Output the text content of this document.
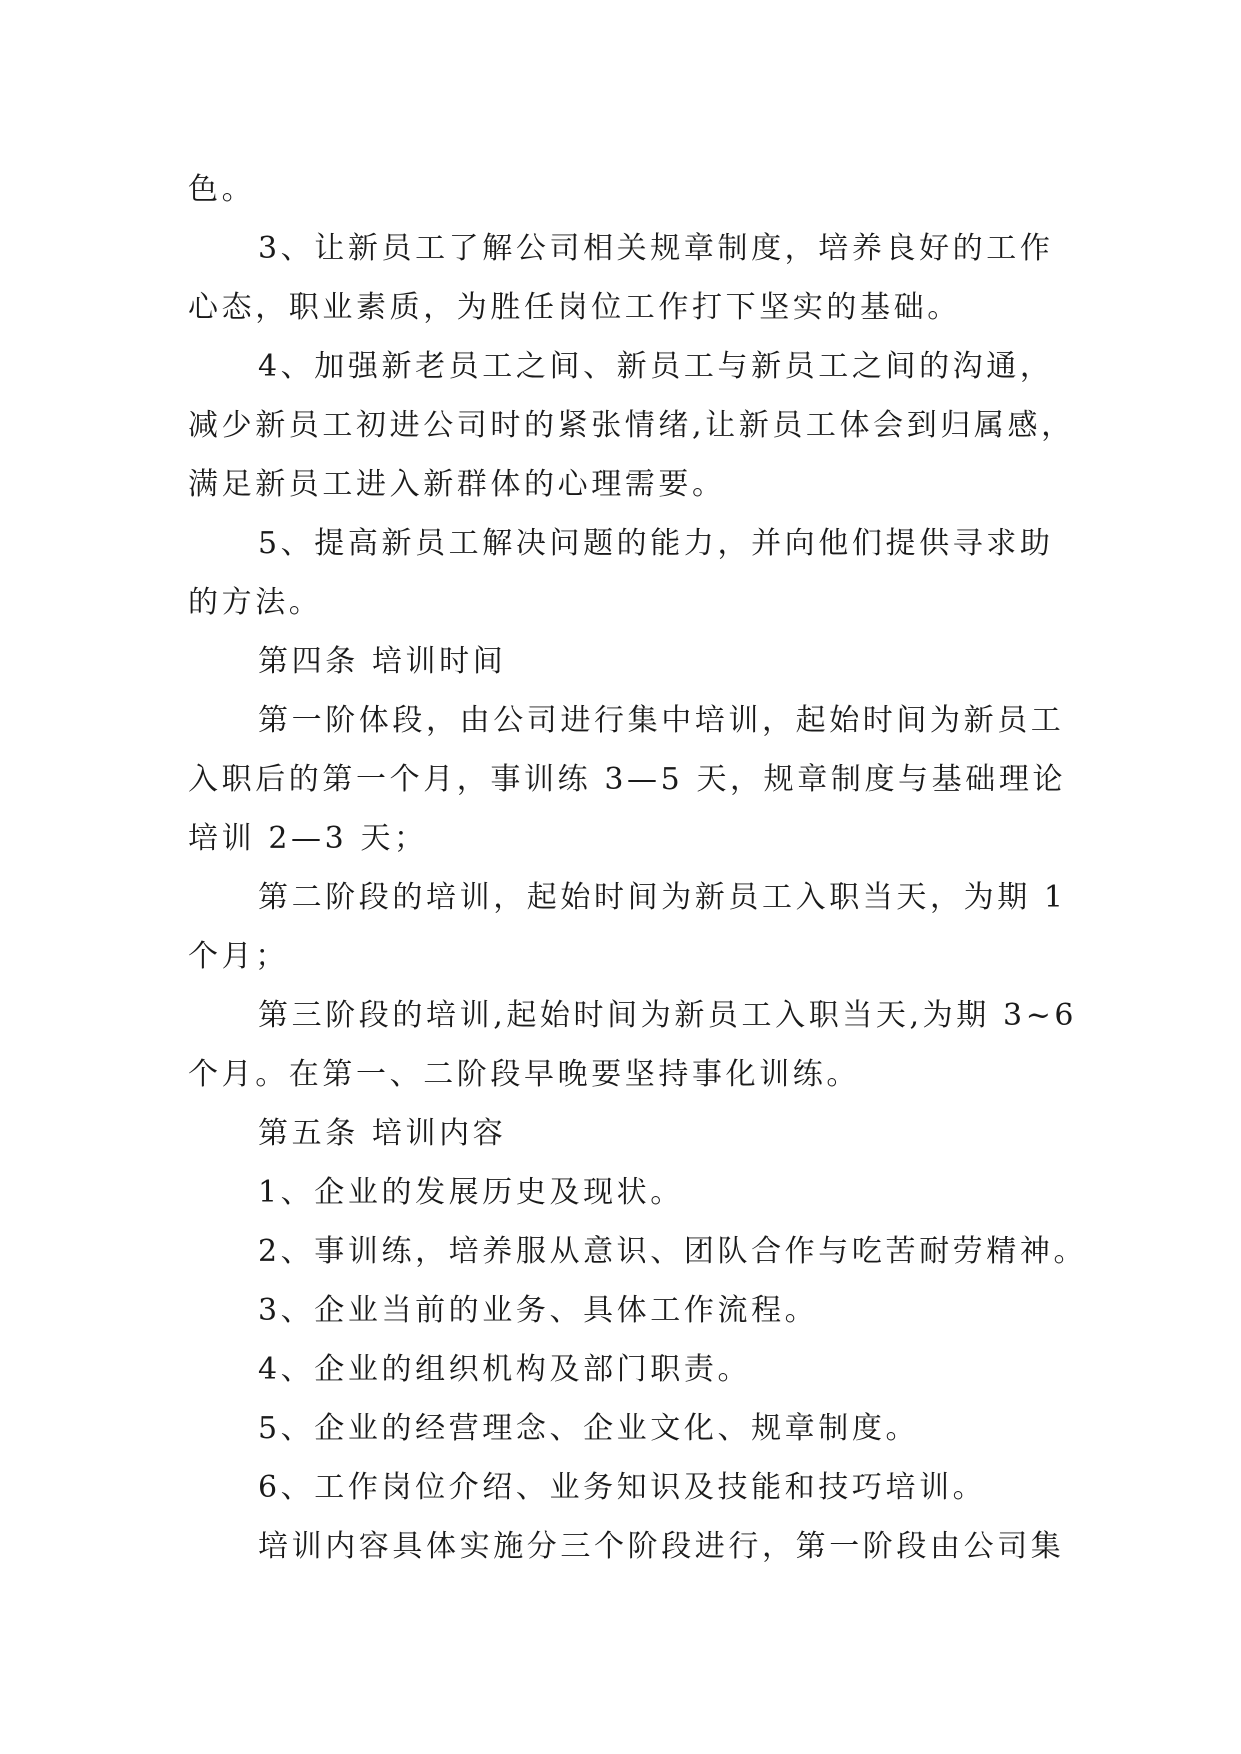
色。
3、让新员工了解公司相关规章制度，培养良好的工作
心态，职业素质，为胜任岗位工作打下坚实的基础。
4、加强新老员工之间、新员工与新员工之间的沟通，
减少新员工初进公司时的紧张情绪,让新员工体会到归属感，
满足新员工进入新群体的心理需要。
5、提高新员工解决问题的能力，并向他们提供寻求助
的方法。
第四条 培训时间
第一阶体段，由公司进行集中培训，起始时间为新员工
入职后的第一个月，事训练 3—5 天，规章制度与基础理论
培训 2—3 天；
第二阶段的培训，起始时间为新员工入职当天，为期 1
个月；
第三阶段的培训,起始时间为新员工入职当天,为期 3~6
个月。在第一、二阶段早晚要坚持事化训练。
第五条 培训内容
1、企业的发展历史及现状。
2、事训练，培养服从意识、团队合作与吃苦耐劳精神。
3、企业当前的业务、具体工作流程。
4、企业的组织机构及部门职责。
5、企业的经营理念、企业文化、规章制度。
6、工作岗位介绍、业务知识及技能和技巧培训。
培训内容具体实施分三个阶段进行，第一阶段由公司集
